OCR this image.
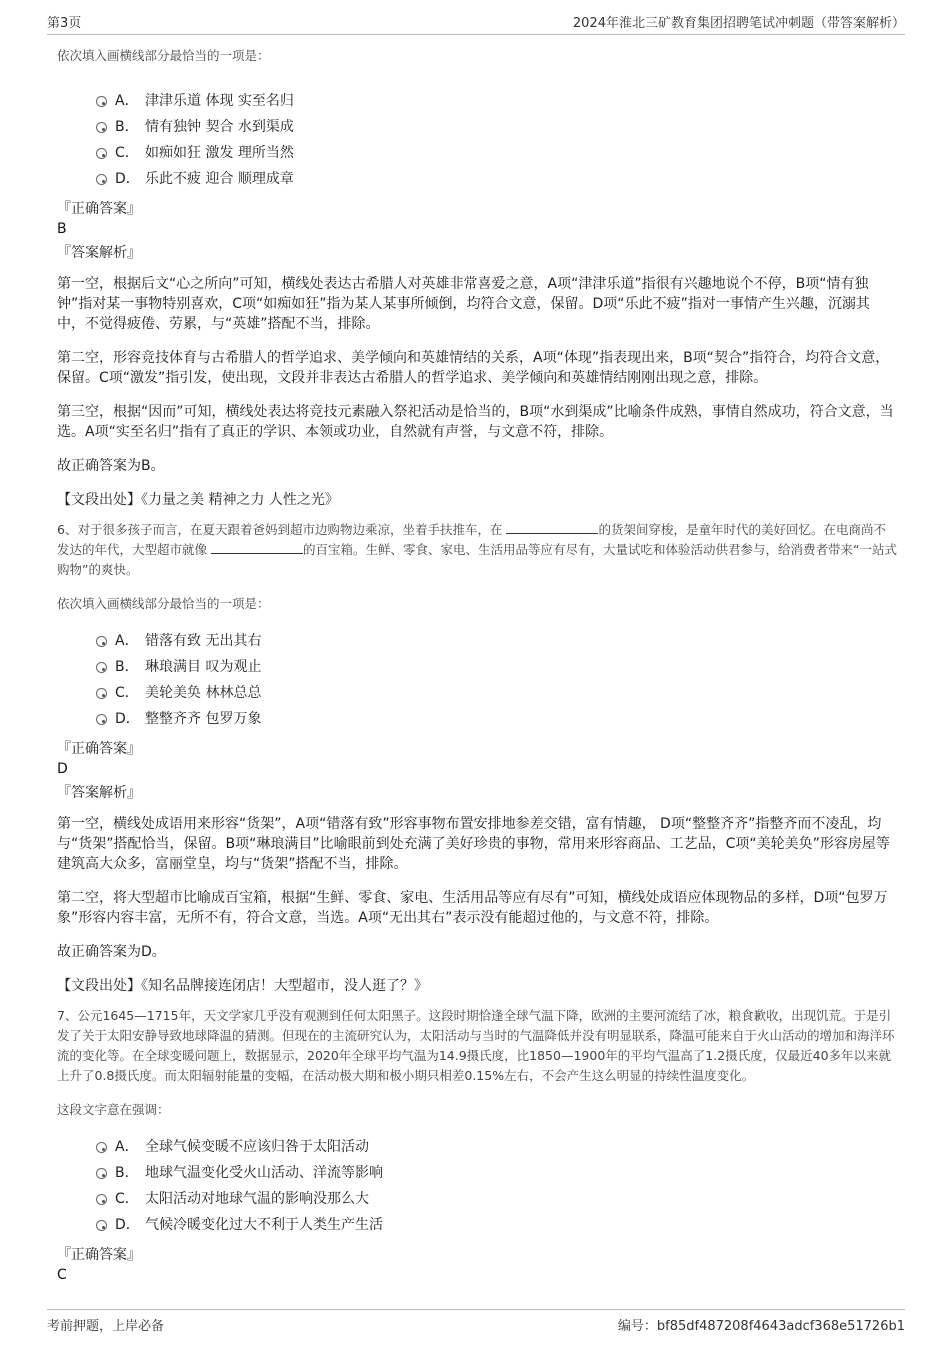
第3页	2024年淮北三矿教育集团招聘笔试冲刺题（带答案解析）

依次填入画横线部分最恰当的一项是：

A． 津津乐道 体现 实至名归
B． 情有独钟 契合 水到渠成
C． 如痴如狂 激发 理所当然
D． 乐此不疲 迎合 顺理成章
『正确答案』
B
『答案解析』

第一空，根据后文“心之所向”可知，横线处表达古希腊人对英雄非常喜爱之意，A项“津津乐道”指很有兴趣地说个不停，B项“情有独钟”指对某一事物特别喜欢，C项“如痴如狂”指为某人某事所倾倒，均符合文意，保留。D项“乐此不疲”指对一事情产生兴趣，沉溺其中，不觉得疲倦、劳累，与“英雄”搭配不当，排除。

第二空，形容竞技体育与古希腊人的哲学追求、美学倾向和英雄情结的关系，A项“体现”指表现出来，B项“契合”指符合，均符合文意，保留。C项“激发”指引发，使出现，文段并非表达古希腊人的哲学追求、美学倾向和英雄情结刚刚出现之意，排除。

第三空，根据“因而”可知，横线处表达将竞技元素融入祭祀活动是恰当的，B项“水到渠成”比喻条件成熟，事情自然成功，符合文意，当选。A项“实至名归”指有了真正的学识、本领或功业，自然就有声誉，与文意不符，排除。

故正确答案为B。

【文段出处】《力量之美 精神之力 人性之光》

6、对于很多孩子而言，在夏天跟着爸妈到超市边购物边乘凉，坐着手扶推车，在	的货架间穿梭，是童年时代的美好回忆。在电商尚不发达的年代，大型超市就像	的百宝箱。生鲜、零食、家电、生活用品等应有尽有，大量试吃和体验活动供君参与，给消费者带来“一站式购物”的爽快。

依次填入画横线部分最恰当的一项是：

A． 错落有致 无出其右
B． 琳琅满目 叹为观止
C． 美轮美奂 林林总总
D． 整整齐齐 包罗万象
『正确答案』
D
『答案解析』

第一空，横线处成语用来形容“货架”，A项“错落有致”形容事物布置安排地参差交错，富有情趣， D项“整整齐齐”指整齐而不凌乱，均与“货架”搭配恰当，保留。B项“琳琅满目”比喻眼前到处充满了美好珍贵的事物，常用来形容商品、工艺品，C项“美轮美奂”形容房屋等建筑高大众多，富丽堂皇，均与“货架”搭配不当，排除。

第二空，将大型超市比喻成百宝箱，根据“生鲜、零食、家电、生活用品等应有尽有”可知，横线处成语应体现物品的多样，D项“包罗万象”形容内容丰富，无所不有，符合文意，当选。A项“无出其右”表示没有能超过他的，与文意不符，排除。

故正确答案为D。

【文段出处】《知名品牌接连闭店！大型超市，没人逛了？》

7、公元1645—1715年，天文学家几乎没有观测到任何太阳黑子。这段时期恰逢全球气温下降，欧洲的主要河流结了冰，粮食歉收，出现饥荒。于是引发了关于太阳安静导致地球降温的猜测。但现在的主流研究认为，太阳活动与当时的气温降低并没有明显联系，降温可能来自于火山活动的增加和海洋环流的变化等。在全球变暖问题上，数据显示，2020年全球平均气温为14.9摄氏度，比1850—1900年的平均气温高了1.2摄氏度，仅最近40多年以来就上升了0.8摄氏度。而太阳辐射能量的变幅，在活动极大期和极小期只相差0.15%左右，不会产生这么明显的持续性温度变化。

这段文字意在强调：

A． 全球气候变暖不应该归咎于太阳活动
B． 地球气温变化受火山活动、洋流等影响
C． 太阳活动对地球气温的影响没那么大
D． 气候冷暖变化过大不利于人类生产生活
『正确答案』
C
考前押题，上岸必备	编号：bf85df487208f4643adcf368e51726b1
